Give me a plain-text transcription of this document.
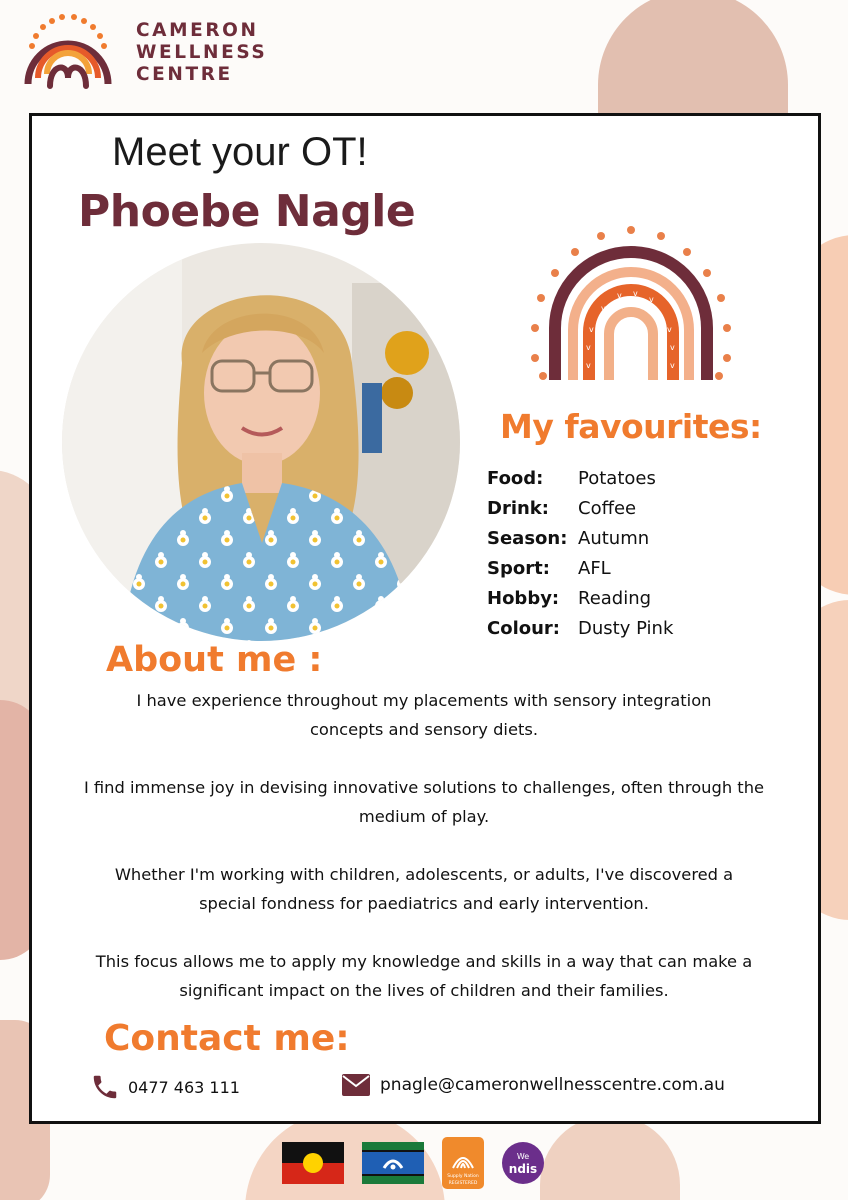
CAMERON
WELLNESS
CENTRE
Meet your OT!
Phoebe Nagle
v
v
v
v
v
v
v
v v
v
My favourites:
Food:	Potatoes
Drink:	Coffee
Season: Autumn
Sport:	AFL
Hobby:	Reading
Colour: Dusty Pink
About me :

I have experience throughout my placements with sensory integration concepts and sensory diets.

I find immense joy in devising innovative solutions to challenges, often through the medium of play.

Whether I'm working with children, adolescents, or adults, I've discovered a special fondness for paediatrics and early intervention.

This focus allows me to apply my knowledge and skills in a way that can make a significant impact on the lives of children and their families.

Contact me:
0477 463 111	pnagle@cameronwellnesscentre.com.au
Supply Nation
REGISTERED
We
ndis
